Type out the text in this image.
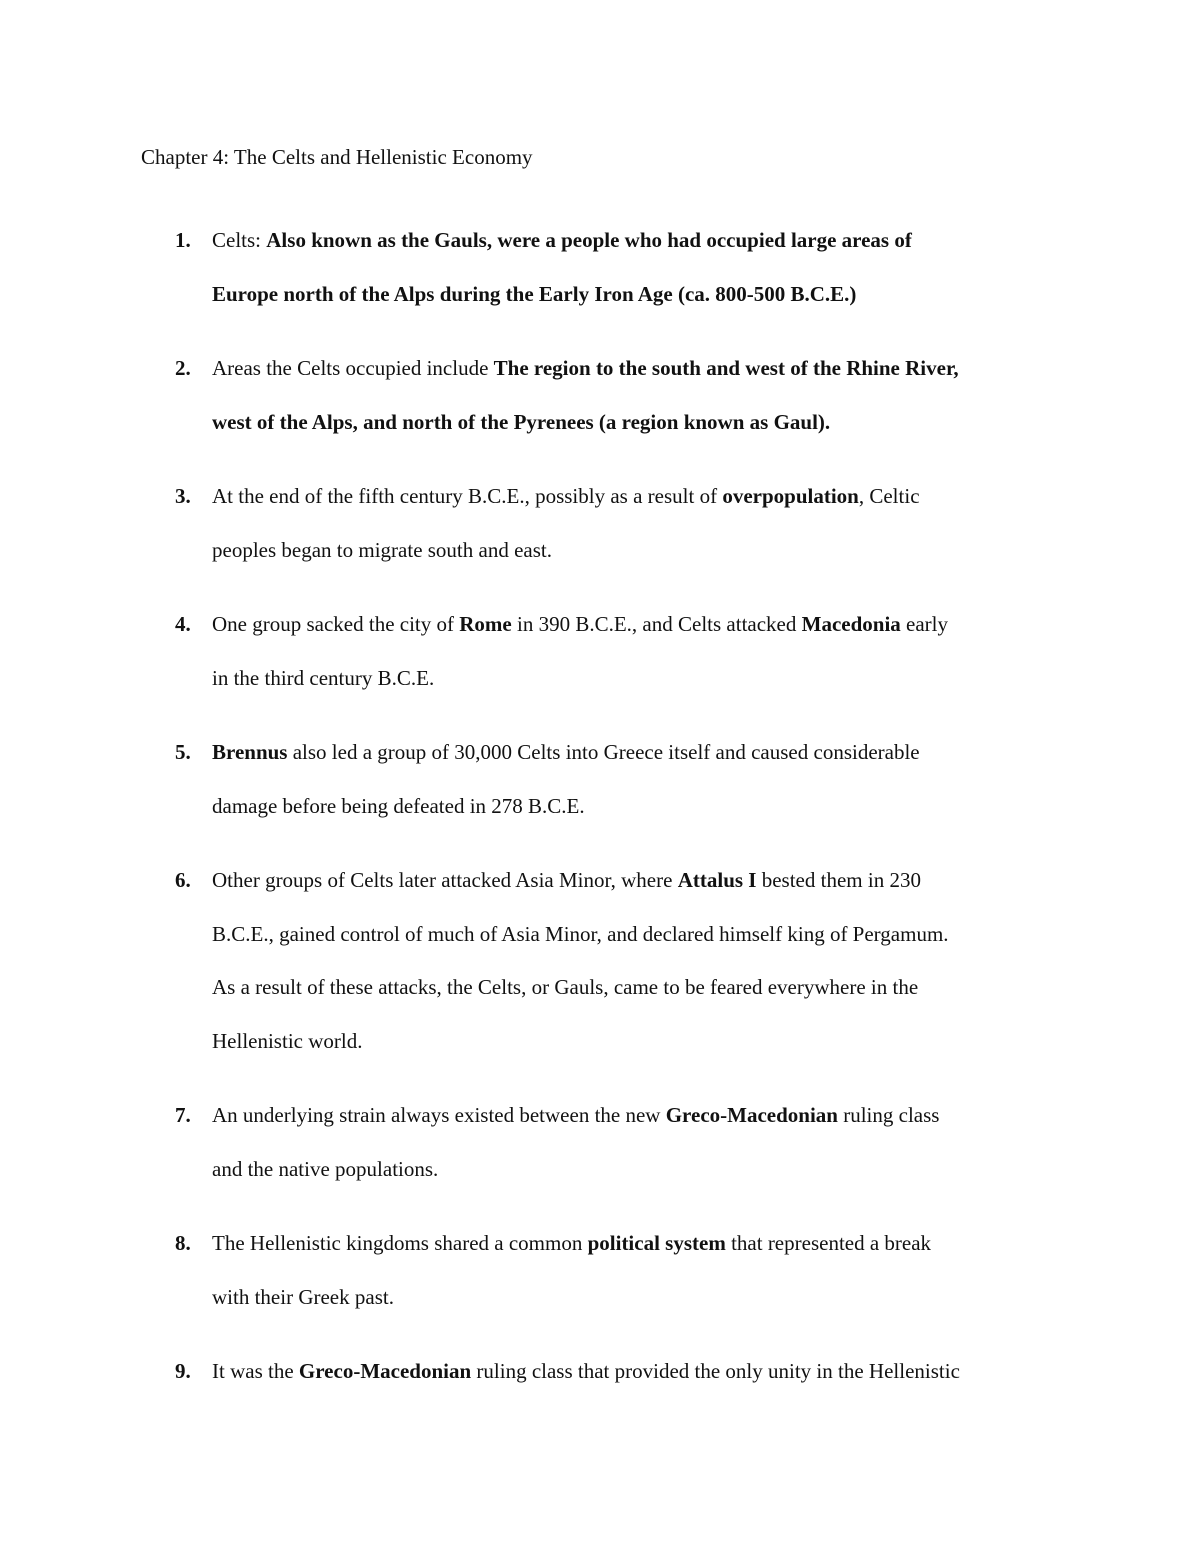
Chapter 4: The Celts and Hellenistic Economy
1. Celts: Also known as the Gauls, were a people who had occupied large areas of
Europe north of the Alps during the Early Iron Age (ca. 800-500 B.C.E.)
2. Areas the Celts occupied include The region to the south and west of the Rhine River,
west of the Alps, and north of the Pyrenees (a region known as Gaul).
3. At the end of the fifth century B.C.E., possibly as a result of overpopulation, Celtic
peoples began to migrate south and east.
4. One group sacked the city of Rome in 390 B.C.E., and Celts attacked Macedonia early
in the third century B.C.E.
5. Brennus also led a group of 30,000 Celts into Greece itself and caused considerable
damage before being defeated in 278 B.C.E.
6. Other groups of Celts later attacked Asia Minor, where Attalus I bested them in 230
B.C.E., gained control of much of Asia Minor, and declared himself king of Pergamum.
As a result of these attacks, the Celts, or Gauls, came to be feared everywhere in the
Hellenistic world.
7. An underlying strain always existed between the new Greco-Macedonian ruling class
and the native populations.
8. The Hellenistic kingdoms shared a common political system that represented a break
with their Greek past.
9. It was the Greco-Macedonian ruling class that provided the only unity in the Hellenistic
